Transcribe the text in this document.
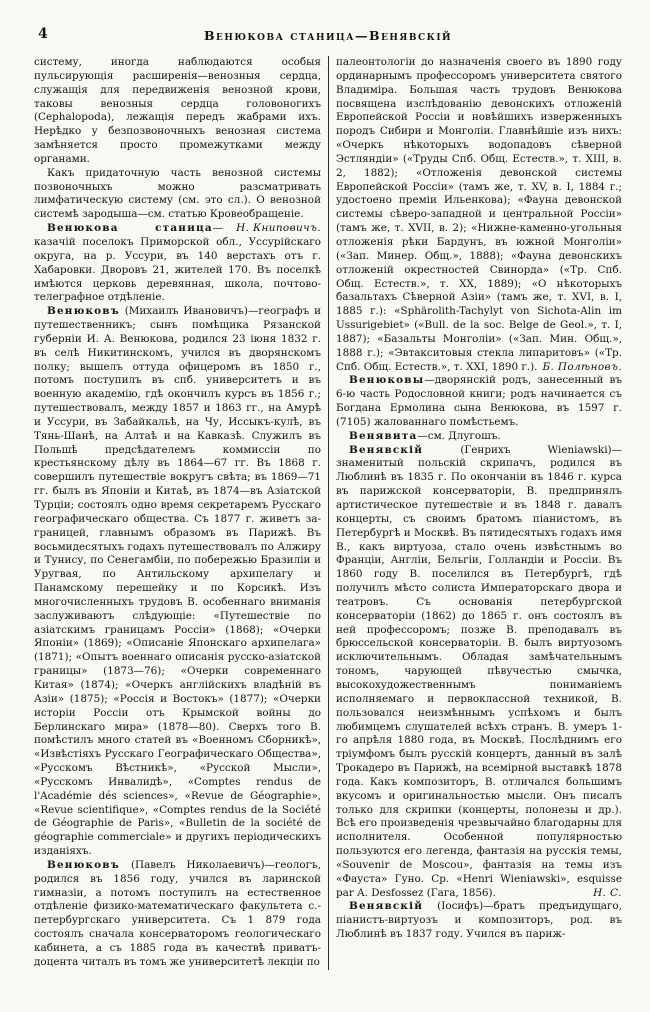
4	Венюкова станица—Венявскій

систему, иногда наблюдаются особыя пульсирующія расширенія—венозныя сердца, служащія для передвиженія венозной крови, таковы венозныя сердца головоногихъ (Cephalopoda), лежащія передъ жабрами ихъ. Нерѣдко у безпозвоночныхъ венозная система замѣняется просто промежутками между органами.

Какъ придаточную часть венозной системы позвоночныхъ можно разсматривать лимфатическую систему (см. это сл.). О венозной системѣ зародыша—см. статью Кровеобращеніе.
Н. Книповичъ.

Венюкова станица—казачій поселокъ Приморской обл., Уссурійскаго округа, на р. Уссури, въ 140 верстахъ отъ г. Хабаровки. Дворовъ 21, жителей 170. Въ поселкѣ имѣются церковь деревянная, школа, почтово-телеграфное отдѣленіе.

Венюковъ (Михаилъ Ивановичъ)—географъ и путешественникъ; сынъ помѣщика Рязанской губерніи И. А. Венюкова, родился 23 іюня 1832 г. въ селѣ Никитинскомъ, учился въ дворянскомъ полку; вышелъ оттуда офицеромъ въ 1850 г., потомъ поступилъ въ спб. университетъ и въ военную академію, гдѣ окончилъ курсъ въ 1856 г.; путешествовалъ, между 1857 и 1863 гг., на Амурѣ и Уссури, въ Забайкальѣ, на Чу, Иссыкъ-кулѣ, въ Тянь-Шанѣ, на Алтаѣ и на Кавказѣ. Служилъ въ Польшѣ предсѣдателемъ коммиссіи по крестьянскому дѣлу въ 1864—67 гг. Въ 1868 г. совершилъ путешествіе вокругъ свѣта; въ 1869—71 гг. былъ въ Японіи и Китаѣ, въ 1874—въ Азіатской Турціи; состоялъ одно время секретаремъ Русскаго географическаго общества. Съ 1877 г. живетъ за-границей, главнымъ образомъ въ Парижѣ. Въ восьмидесятыхъ годахъ путешествовалъ по Алжиру и Тунису, по Сенегамбіи, по побережью Бразиліи и Уругвая, по Антильскому архипелагу и Панамскому перешейку и по Корсикѣ. Изъ многочисленныхъ трудовъ В. особеннаго вниманія заслуживаютъ слѣдующіе: «Путешествіе по азіатскимъ границамъ Россіи» (1868); «Очерки Японіи» (1869); «Описаніе Японскаго архипелага» (1871); «Опытъ военнаго описанія русско-азіатской границы» (1873—76); «Очерки современнаго Китая» (1874); «Очеркъ англійскихъ владѣній въ Азіи» (1875); «Россія и Востокъ» (1877); «Очерки исторіи Россіи отъ Крымской войны до Берлинскаго мира» (1878—80). Сверхъ того В. помѣстилъ много статей въ «Военномъ Сборникѣ», «Извѣстіяхъ Русскаго Географическаго Общества», «Русскомъ Вѣстникѣ», «Русской Мысли», «Русскомъ Инвалидѣ», «Comptes rendus de l'Académie dés sciences», «Revue de Géographie», «Revue scientifique», «Comptes rendus de la Société de Géographie de Paris», «Bulletin de la société de géographie commerciale» и другихъ періодическихъ изданіяхъ.

Венюковъ (Павелъ Николаевичъ)—геологъ, родился въ 1856 году, учился въ ларинской гимназіи, а потомъ поступилъ на естественное отдѣленіе физико-математическаго факультета с.-петербургскаго университета. Съ 1 879 года состоялъ сначала консерваторомъ геологическаго кабинета, а съ 1885 года въ качествѣ приватъ-доцента читалъ въ томъ же университетѣ лекціи по

палеонтологіи до назначенія своего въ 1890 году ординарнымъ профессоромъ университета святого Владиміра. Большая часть трудовъ Венюкова посвящена изслѣдованію девонскихъ отложеній Европейской Россіи и новѣйшихъ изверженныхъ породъ Сибири и Монголіи. Главнѣйшіе изъ нихъ: «Очеркъ нѣкоторыхъ водопадовъ сѣверной Эстляндіи» («Труды Спб. Общ. Естеств.», т. XIII, в. 2, 1882); «Отложенія девонской системы Европейской Россіи» (тамъ же, т. XV, в. I, 1884 г.; удостоено преміи Ильенкова); «Фауна девонской системы сѣверо-западной и центральной Россіи» (тамъ же, т. XVII, в. 2); «Нижне-каменно-угольныя отложенія рѣки Бардунъ, въ южной Монголіи» («Зап. Минер. Общ.», 1888); «Фауна девонскихъ отложеній окрестностей Свинорда» («Тр. Спб. Общ. Естеств.», т. XX, 1889); «О нѣкоторыхъ базальтахъ Сѣверной Азіи» (тамъ же, т. XVI, в. I, 1885 г.): «Sphärolith-Tachylyt von Sichota-Alin im Ussurigebiet» («Bull. de la soc. Belge de Geol.», т. I, 1887); «Базальты Монголіи» («Зап. Мин. Общ.», 1888 г.); «Эвтакситовыя стекла липаритовъ» («Тр. Спб. Общ. Естеств.», т. XXI, 1890 г.). Б. Полѣновъ.

Венюковы—дворянскій родъ, занесенный въ 6-ю часть Родословной книги; родъ начинается съ Богдана Ермолина сына Венюкова, въ 1597 г. (7105) жалованнаго помѣстьемъ.

Венявита—см. Длугошъ.

Венявскій (Генрихъ Wieniawski)—знаменитый польскій скрипачъ, родился въ Люблинѣ въ 1835 г. По окончаніи въ 1846 г. курса въ парижской консерваторіи, В. предпринялъ артистическое путешествіе и въ 1848 г. давалъ концерты, съ своимъ братомъ піанистомъ, въ Петербургѣ и Москвѣ. Въ пятидесятыхъ годахъ имя В., какъ виртуоза, стало очень извѣстнымъ во Франціи, Англіи, Бельгіи, Голландіи и Россіи. Въ 1860 году В. поселился въ Петербургѣ, гдѣ получилъ мѣсто солиста Императорскаго двора и театровъ. Съ основанія петербургской консерваторіи (1862) до 1865 г. онъ состоялъ въ ней профессоромъ; позже В. преподавалъ въ брюссельской консерваторіи. В. былъ виртуозомъ исключительнымъ. Обладая замѣчательнымъ тономъ, чарующей пѣвучестью смычка, высокохудожественнымъ пониманіемъ исполняемаго и первоклассной техникой, В. пользовался неизмѣннымъ успѣхомъ и былъ любимцемъ слушателей всѣхъ странъ. В. умеръ 1-го апрѣля 1880 года, въ Москвѣ. Послѣднимъ его тріумфомъ былъ русскій концертъ, данный въ залѣ Трокадеро въ Парижѣ, на всемірной выставкѣ 1878 года. Какъ композиторъ, В. отличался большимъ вкусомъ и оригинальностью мысли. Онъ писалъ только для скрипки (концерты, полонезы и др.). Всѣ его произведенія чрезвычайно благодарны для исполнителя. Особенной популярностью пользуются его легенда, фантазія на русскія темы, «Souvenir de Moscou», фантазія на темы изъ «Фауста» Гуно. Ср. «Henri Wieniawski», esquisse par A. Desfossez (Гага, 1856).	Н. С.

Венявскій (Іосифъ)—братъ предъидущаго, піанистъ-виртуозъ и композиторъ, род. въ Люблинѣ въ 1837 году. Учился въ париж-
